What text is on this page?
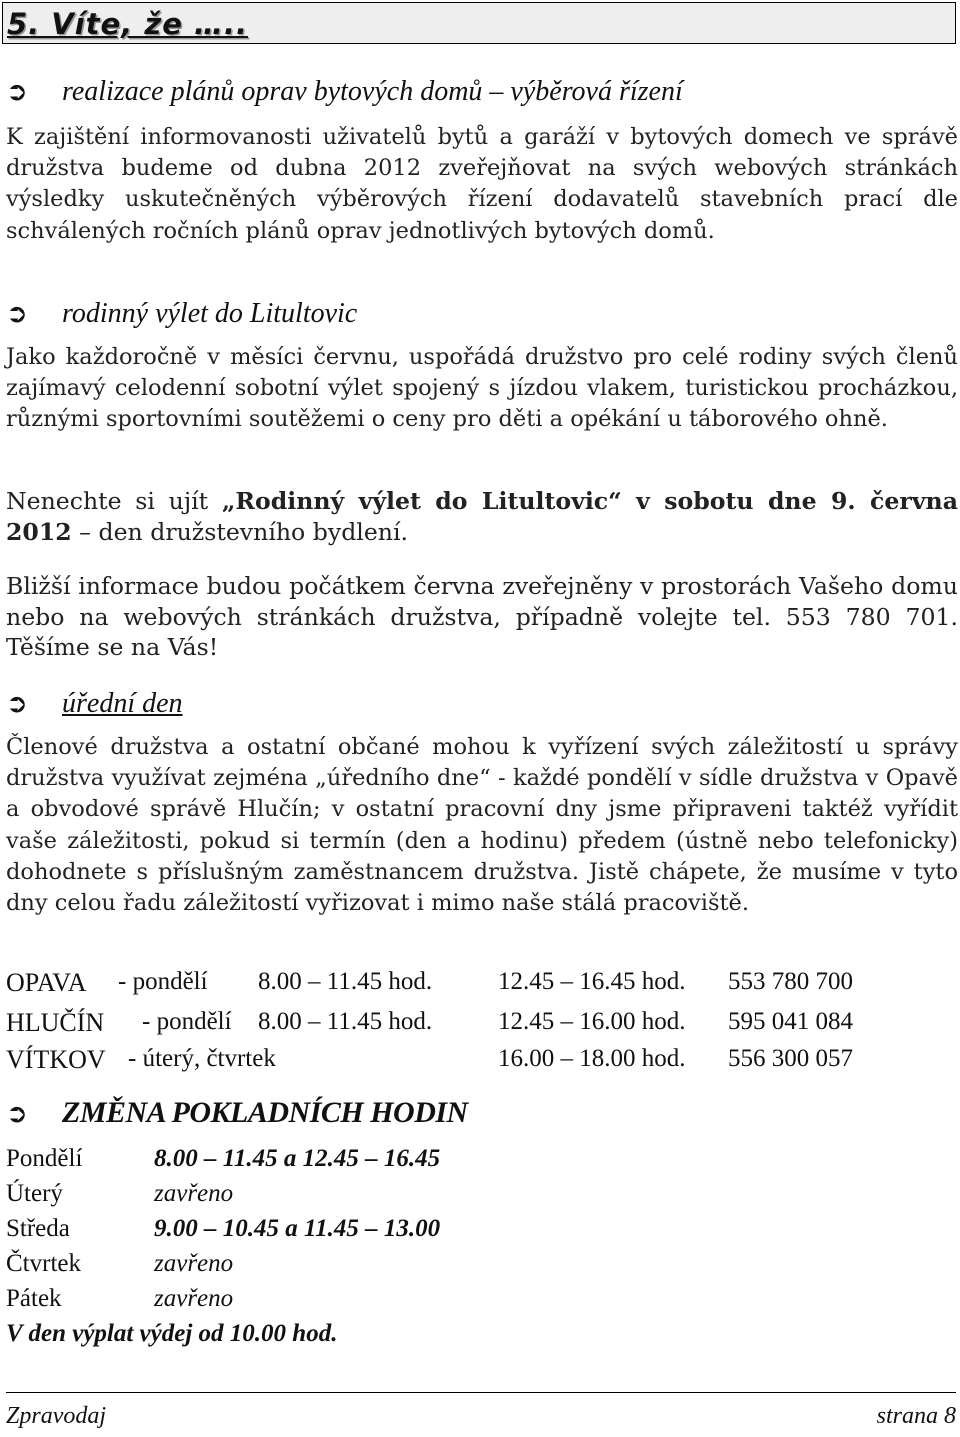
5. Víte, že …..
➲ realizace plánů oprav bytových domů – výběrová řízení

K zajištění informovanosti uživatelů bytů a garáží v bytových domech ve správě družstva budeme od dubna 2012 zveřejňovat na svých webových stránkách výsledky uskutečněných výběrových řízení dodavatelů stavebních prací dle schválených ročních plánů oprav jednotlivých bytových domů.

➲ rodinný výlet do Litultovic

Jako každoročně v měsíci červnu, uspořádá družstvo pro celé rodiny svých členů zajímavý celodenní sobotní výlet spojený s jízdou vlakem, turistickou procházkou, různými sportovními soutěžemi o ceny pro děti a opékání u táborového ohně.

Nenechte si ujít „Rodinný výlet do Litultovic“ v sobotu dne 9. června 2012 – den družstevního bydlení.

Bližší informace budou počátkem června zveřejněny v prostorách Vašeho domu nebo na webových stránkách družstva, případně volejte tel. 553 780 701. Těšíme se na Vás!

➲ úřední den

Členové družstva a ostatní občané mohou k vyřízení svých záležitostí u správy družstva využívat zejména „úředního dne“ - každé pondělí v sídle družstva v Opavě a obvodové správě Hlučín; v ostatní pracovní dny jsme připraveni taktéž vyřídit vaše záležitosti, pokud si termín (den a hodinu) předem (ústně nebo telefonicky) dohodnete s příslušným zaměstnancem družstva. Jistě chápete, že musíme v tyto dny celou řadu záležitostí vyřizovat i mimo naše stálá pracoviště.

OPAVA - pondělí 8.00 – 11.45 hod.	12.45 – 16.45 hod. 553 780 700
HLUČÍN - pondělí 8.00 – 11.45 hod.	12.45 – 16.00 hod. 595 041 084
VÍTKOV - úterý, čtvrtek	16.00 – 18.00 hod. 556 300 057
➲ ZMĚNA POKLADNÍCH HODIN
Pondělí	8.00 – 11.45 a 12.45 – 16.45
Úterý	zavřeno
Středa	9.00 – 10.45 a 11.45 – 13.00
Čtvrtek	zavřeno
Pátek	zavřeno
V den výplat výdej od 10.00 hod.
Zpravodaj	strana 8
